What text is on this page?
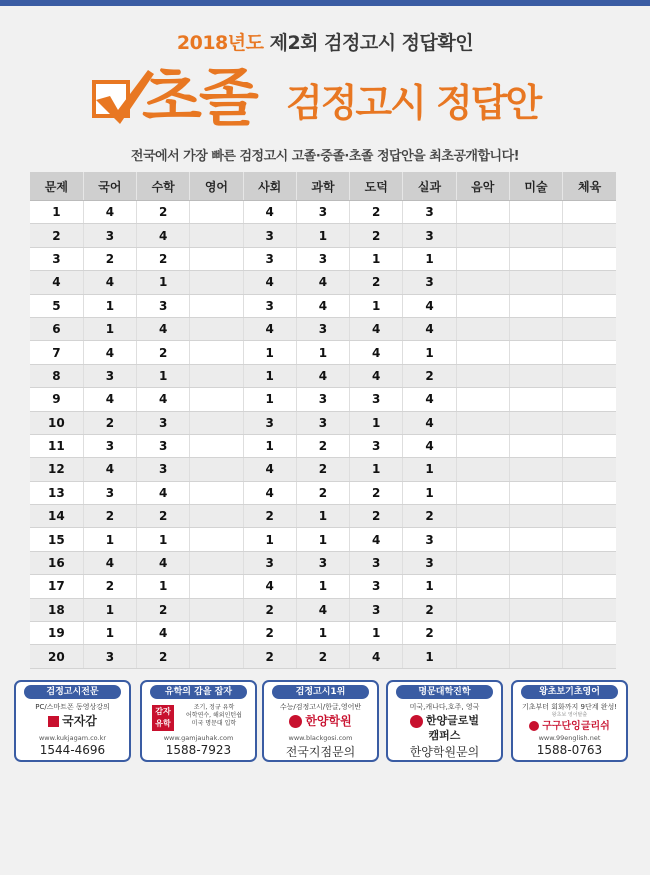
2018년도 제2회 검정고시 정답확인
초졸 검정고시 정답안
전국에서 가장 빠른 검정고시 고졸·중졸·초졸 정답안을 최초공개합니다!
문제	국어	수학	영어	사회	과학	도덕	실과	음악	미술	체육
1	4	2		4	3	2	3			
2	3	4		3	1	2	3			
3	2	2		3	3	1	1			
4	4	1		4	4	2	3			
5	1	3		3	4	1	4			
6	1	4		4	3	4	4			
7	4	2		1	1	4	1			
8	3	1		1	4	4	2			
9	4	4		1	3	3	4			
10	2	3		3	3	1	4			
11	3	3		1	2	3	4			
12	4	3		4	2	1	1			
13	3	4		4	2	2	1			
14	2	2		2	1	2	2			
15	1	1		1	1	4	3			
16	4	4		3	3	3	3			
17	2	1		4	1	3	1			
18	1	2		2	4	3	2			
19	1	4		2	1	1	2			
20	3	2		2	2	4	1			
검정고시전문
PC/스마트폰 동영상강의
국자감
www.kukjagam.co.kr
1544-4696
유학의 감을 잡자
감자
유학
조기, 정규 유학
어학연수, 해외인턴쉽
미국 명문대 입학
www.gamjauhak.com
1588-7923
검정고시1위
수능/검정고시/한글,영어반
한양학원
www.blackgosi.com
전국지점문의
명문대학진학
미국,캐나다,호주, 영국
한양글로벌
캠퍼스
한양학원문의
왕초보기초영어
기초부터 회화까지 9단계 완성!
왕초보 영어탈출
구구단잉글리쉬
www.99english.net
1588-0763
